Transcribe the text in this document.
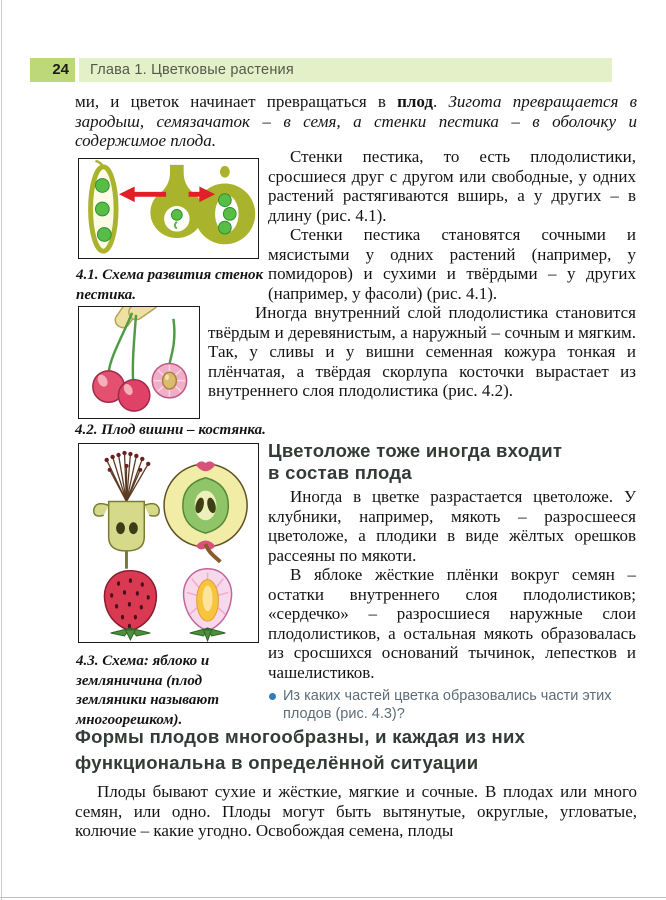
24	Глава 1. Цветковые растения

ми, и цветок начинает превращаться в плод. Зигота превращается в зародыш, семязачаток – в семя, а стенки пестика – в оболочку и содержимое плода.

4.1. Схема развития стенок пестика.

Стенки пестика, то есть плодолистики, сросшиеся друг с другом или свободные, у одних растений растягиваются вширь, а у других – в длину (рис. 4.1).

Стенки пестика становятся сочными и мясистыми у одних растений (например, у помидоров) и сухими и твёрдыми – у других (например, у фасоли) (рис. 4.1).

Иногда внутренний слой плодолистика становится твёрдым и деревянистым, а наружный – сочным и мягким. Так, у сливы и у вишни семенная кожура тонкая и плёнчатая, а твёрдая скорлупа косточки вырастает из внутреннего слоя плодолистика (рис. 4.2).

4.2. Плод вишни – костянка.

4.3. Схема: яблоко и земляничина (плод земляники называют многоорешком).

Цветоложе тоже иногда входит в состав плода

Иногда в цветке разрастается цветоложе. У клубники, например, мякоть – разросшееся цветоложе, а плодики в виде жёлтых орешков рассеяны по мякоти.

В яблоке жёсткие плёнки вокруг семян – остатки внутреннего слоя плодолистиков; «сердечко» – разросшиеся наружные слои плодолистиков, а остальная мякоть образовалась из сросшихся оснований тычинок, лепестков и чашелистиков.

Из каких частей цветка образовались части этих плодов (рис. 4.3)?

Формы плодов многообразны, и каждая из них функциональна в определённой ситуации

Плоды бывают сухие и жёсткие, мягкие и сочные. В плодах или много семян, или одно. Плоды могут быть вытянутые, округлые, угловатые, колючие – какие угодно. Освобождая семена, плоды
